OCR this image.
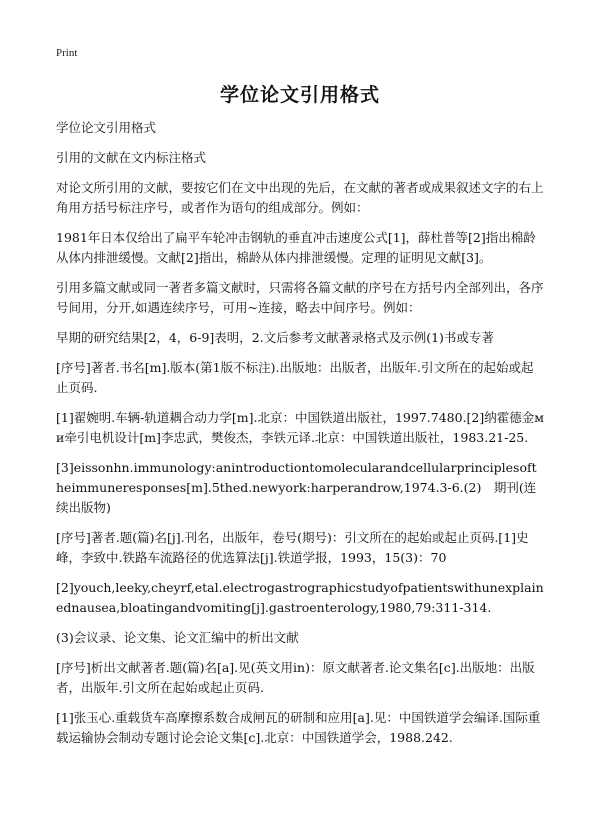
Print
学位论文引用格式

学位论文引用格式

引用的文献在文内标注格式

对论文所引用的文献，要按它们在文中出现的先后，在文献的著者或成果叙述文字的右上角用方括号标注序号，或者作为语句的组成部分。例如：

1981年日本仅给出了扁平车轮冲击钢轨的垂直冲击速度公式[1]，薛杜普等[2]指出棉龄从体内排泄缓慢。文献[2]指出，棉龄从体内排泄缓慢。定理的证明见文献[3]。

引用多篇文献或同一著者多篇文献时，只需将各篇文献的序号在方括号内全部列出，各序号间用，分开,如遇连续序号，可用~连接，略去中间序号。例如：

早期的研究结果[2，4，6-9]表明，2.文后参考文献著录格式及示例(1)书或专著

[序号]著者.书名[m].版本(第1版不标注).出版地：出版者，出版年.引文所在的起始或起止页码.

[1]翟婉明.车辆-轨道耦合动力学[m].北京：中国铁道出版社，1997.7480.[2]纳霍德金ми牵引电机设计[m]李忠武，樊俊杰，李铁元译.北京：中国铁道出版社，1983.21-25.

[3]eissonhn.immunology:anintroductiontomolecularandcellularprinciplesoftheimmuneresponses[m].5thed.newyork:harperandrow,1974.3-6.(2)　期刊(连续出版物)

[序号]著者.题(篇)名[j].刊名，出版年，卷号(期号)：引文所在的起始或起止页码.[1]史峰，李致中.铁路车流路径的优选算法[j].铁道学报，1993，15(3)：70

[2]youch,leeky,cheyrf,etal.electrogastrographicstudyofpatientswithunexplainednausea,bloatingandvomiting[j].gastroenterology,1980,79:311-314.

(3)会议录、论文集、论文汇编中的析出文献

[序号]析出文献著者.题(篇)名[a].见(英文用in)：原文献著者.论文集名[c].出版地：出版者，出版年.引文所在起始或起止页码.

[1]张玉心.重载货车高摩擦系数合成闸瓦的研制和应用[a].见：中国铁道学会编译.国际重载运输协会制动专题讨论会论文集[c].北京：中国铁道学会，1988.242.
